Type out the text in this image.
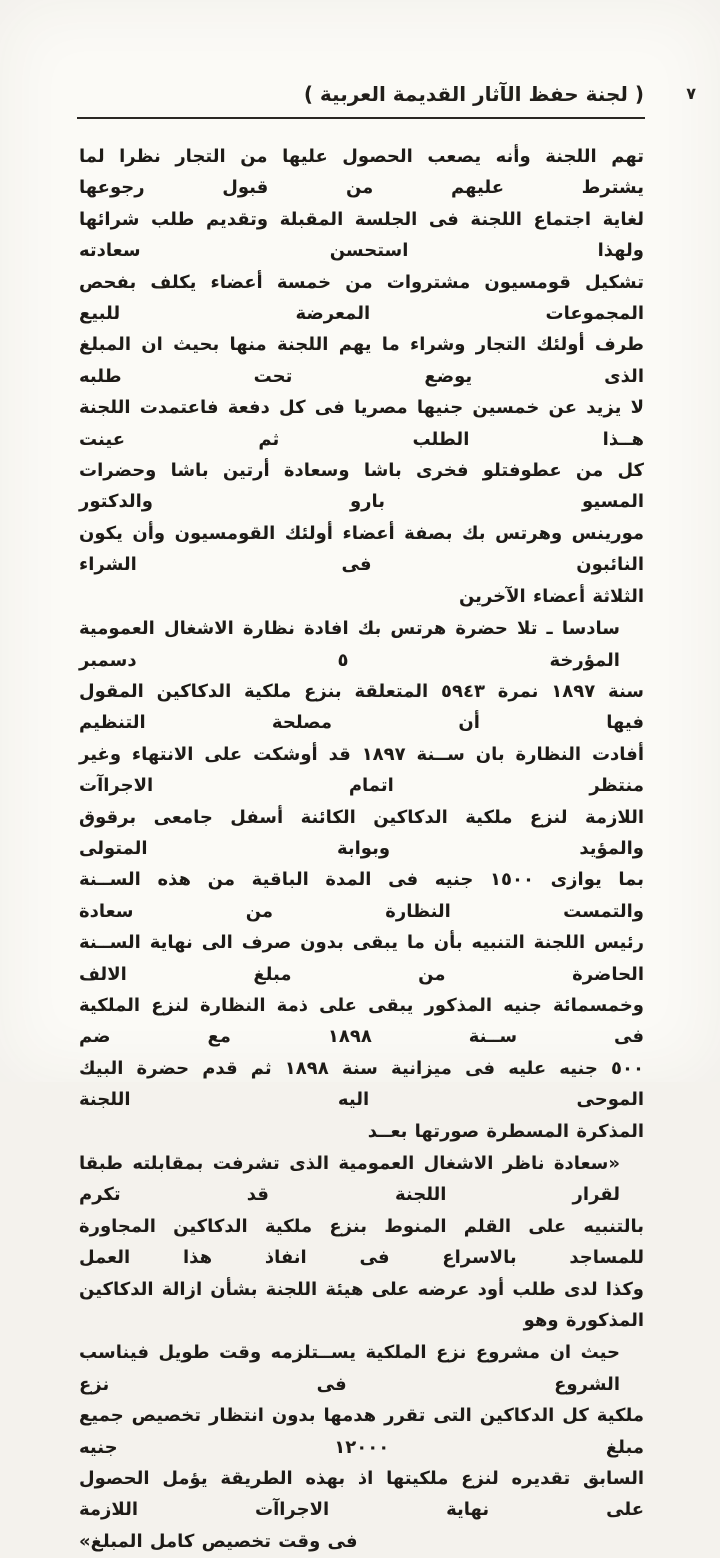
( لجنة حفظ الآثار القديمة العربية )	٧
تهم اللجنة وأنه يصعب الحصول عليها من التجار نظرا لما يشترط عليهم من قبول رجوعها
لغاية اجتماع اللجنة فى الجلسة المقبلة وتقديم طلب شرائها ولهذا استحسن سعادته
تشكيل قومسيون مشتروات من خمسة أعضاء يكلف بفحص المجموعات المعرضة للبيع
طرف أولئك التجار وشراء ما يهم اللجنة منها بحيث ان المبلغ الذى يوضع تحت طلبه
لا يزيد عن خمسين جنيها مصريا فى كل دفعة فاعتمدت اللجنة هــذا الطلب ثم عينت
كل من عطوفتلو فخرى باشا وسعادة أرتين باشا وحضرات المسيو بارو والدكتور
مورينس وهرتس بك بصفة أعضاء أولئك القومسيون وأن يكون النائبون فى الشراء
الثلاثة أعضاء الآخرين
سادسا ـ تلا حضرة هرتس بك افادة نظارة الاشغال العمومية المؤرخة ٥ دسمبر
سنة ١٨٩٧ نمرة ٥٩٤٣ المتعلقة بنزع ملكية الدكاكين المقول فيها أن مصلحة التنظيم
أفادت النظارة بان ســنة ١٨٩٧ قد أوشكت على الانتهاء وغير منتظر اتمام الاجراآت
اللازمة لنزع ملكية الدكاكين الكائنة أسفل جامعى برقوق والمؤيد وبوابة المتولى
بما يوازى ١٥٠٠ جنيه فى المدة الباقية من هذه الســنة والتمست النظارة من سعادة
رئيس اللجنة التنبيه بأن ما يبقى بدون صرف الى نهاية الســنة الحاضرة من مبلغ الالف
وخمسمائة جنيه المذكور يبقى على ذمة النظارة لنزع الملكية فى ســنة ١٨٩٨ مع ضم
٥٠٠ جنيه عليه فى ميزانية سنة ١٨٩٨ ثم قدم حضرة البيك الموحى اليه اللجنة
المذكرة المسطرة صورتها بعــد
«سعادة ناظر الاشغال العمومية الذى تشرفت بمقابلته طبقا لقرار اللجنة قد تكرم
بالتنبيه على القلم المنوط بنزع ملكية الدكاكين المجاورة للمساجد بالاسراع فى انفاذ هذا العمل
وكذا لدى طلب أود عرضه على هيئة اللجنة بشأن ازالة الدكاكين المذكورة وهو
حيث ان مشروع نزع الملكية يســتلزمه وقت طويل فيناسب الشروع فى نزع
ملكية كل الدكاكين التى تقرر هدمها بدون انتظار تخصيص جميع مبلغ ١٢٠٠٠ جنيه
السابق تقديره لنزع ملكيتها اذ بهذه الطريقة يؤمل الحصول على نهاية الاجراآت اللازمة
فى وقت تخصيص كامل المبلغ»
